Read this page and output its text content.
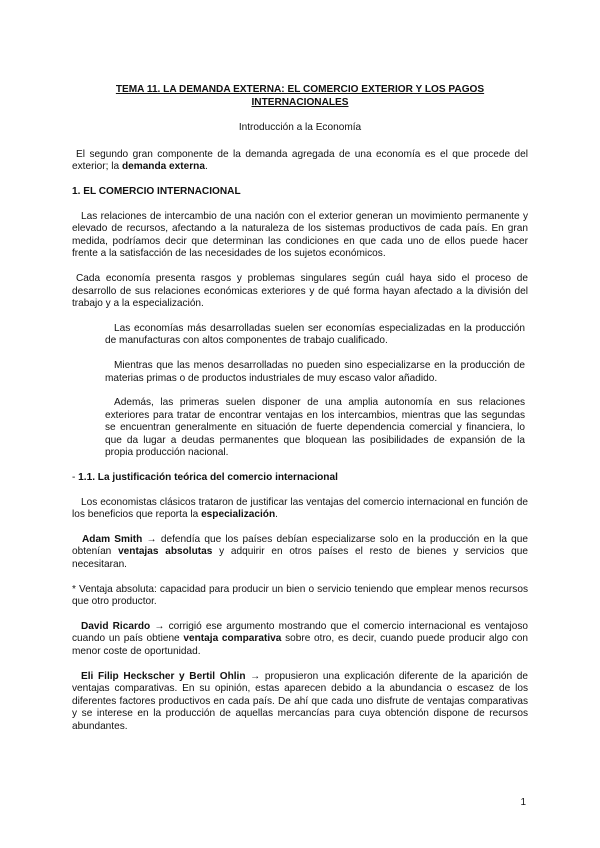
TEMA 11. LA DEMANDA EXTERNA: EL COMERCIO EXTERIOR Y LOS PAGOS INTERNACIONALES
Introducción a la Economía

El segundo gran componente de la demanda agregada de una economía es el que procede del exterior; la demanda externa.

1. EL COMERCIO INTERNACIONAL

Las relaciones de intercambio de una nación con el exterior generan un movimiento permanente y elevado de recursos, afectando a la naturaleza de los sistemas productivos de cada país. En gran medida, podríamos decir que determinan las condiciones en que cada uno de ellos puede hacer frente a la satisfacción de las necesidades de los sujetos económicos.

Cada economía presenta rasgos y problemas singulares según cuál haya sido el proceso de desarrollo de sus relaciones económicas exteriores y de qué forma hayan afectado a la división del trabajo y a la especialización.

Las economías más desarrolladas suelen ser economías especializadas en la producción de manufacturas con altos componentes de trabajo cualificado.

Mientras que las menos desarrolladas no pueden sino especializarse en la producción de materias primas o de productos industriales de muy escaso valor añadido.

Además, las primeras suelen disponer de una amplia autonomía en sus relaciones exteriores para tratar de encontrar ventajas en los intercambios, mientras que las segundas se encuentran generalmente en situación de fuerte dependencia comercial y financiera, lo que da lugar a deudas permanentes que bloquean las posibilidades de expansión de la propia producción nacional.

- 1.1. La justificación teórica del comercio internacional

Los economistas clásicos trataron de justificar las ventajas del comercio internacional en función de los beneficios que reporta la especialización.

Adam Smith → defendía que los países debían especializarse solo en la producción en la que obtenían ventajas absolutas y adquirir en otros países el resto de bienes y servicios que necesitaran.

* Ventaja absoluta: capacidad para producir un bien o servicio teniendo que emplear menos recursos que otro productor.

David Ricardo → corrigió ese argumento mostrando que el comercio internacional es ventajoso cuando un país obtiene ventaja comparativa sobre otro, es decir, cuando puede producir algo con menor coste de oportunidad.

Eli Filip Heckscher y Bertil Ohlin → propusieron una explicación diferente de la aparición de ventajas comparativas. En su opinión, estas aparecen debido a la abundancia o escasez de los diferentes factores productivos en cada país. De ahí que cada uno disfrute de ventajas comparativas y se interese en la producción de aquellas mercancías para cuya obtención dispone de recursos abundantes.

1
